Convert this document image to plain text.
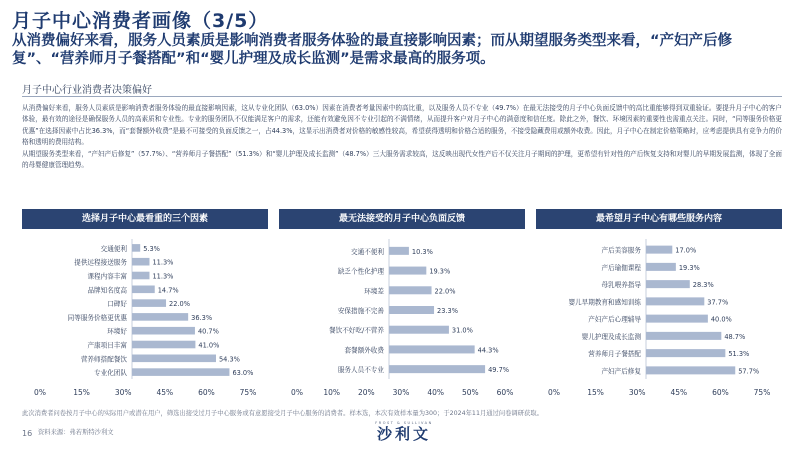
月子中心消费者画像（3/5）
从消费偏好来看，服务人员素质是影响消费者服务体验的最直接影响因素；而从期望服务类型来看，“产妇产后修复”、“营养师月子餐搭配”和“婴儿护理及成长监测”是需求最高的服务项。
月子中心行业消费者决策偏好

从消费偏好来看，服务人员素质是影响消费者服务体验的最直接影响因素，这从专业化团队（63.0%）因素在消费者考量因素中的高比重，以及服务人员不专业（49.7%）在最无法接受的月子中心负面反馈中的高比重能够得到双重验证。要提升月子中心的客户体验，最有效的途径是确保服务人员的高素质和专业性。专业的服务团队不仅能满足客户的需求，还能有效避免因不专业引起的不满情绪，从而提升客户对月子中心的满意度和信任度。除此之外，餐饮、环境因素的重要性也需重点关注。同时，“同等服务价格更优惠”在选择因素中占比36.3%，而“套餐额外收费”是最不可接受的负面反馈之一，占44.3%，这显示出消费者对价格的敏感性较高，希望获得透明和价格合适的服务，不接受隐藏费用或额外收费。因此，月子中心在制定价格策略时，应考虑提供具有竞争力的价格和透明的费用结构。

从期望服务类型来看，“产妇产后修复”（57.7%）、“营养师月子餐搭配”（51.3%）和“婴儿护理及成长监测”（48.7%）三大服务需求较高，这反映出现代女性产后不仅关注月子期间的护理，更希望有针对性的产后恢复支持和对婴儿的早期发展监测，体现了全面的母婴健康管理趋势。

选择月子中心最看重的三个因素
交通便利 5.3%
提供远程接送服务	11.3%
课程内容丰富	11.3%
品牌知名度高	14.7%
口碑好	22.0%
同等服务价格更优惠	36.3%
环境好	40.7%
产康项目丰富	41.0%
营养师搭配餐饮	54.3%
专业化团队	63.0%
0%	15%	30%	45%	60%	75%
最无法接受的月子中心负面反馈
交通不便利	10.3%
缺乏个性化护理	19.3%
环境差	22.0%
安保措施不完善	23.3%
餐饮不好吃/不营养	31.0%
套餐额外收费	44.3%
服务人员不专业	49.7%
0%	10% 20% 30% 40% 50% 60%
最希望月子中心有哪些服务内容
产后美容服务	17.0%
产后瑜伽课程	19.3%
母乳喂养指导	28.3%
婴儿早期教育和感知训练	37.7%
产妇产后心理辅导	40.0%
婴儿护理及成长监测	48.7%
营养师月子餐搭配	51.3%
产妇产后修复	57.7%
0%	15%	30%	45%	60%	75%
此次消费者问卷按月子中心的实际用户或潜在用户，筛选出接受过月子中心服务或有意愿接受月子中心服务的消费者。样本选，本次有效样本量为300；于2024年11月通过问卷调研获取。
16 资料来源：弗若斯特沙利文
FROST & SULLIVAN
沙利文
